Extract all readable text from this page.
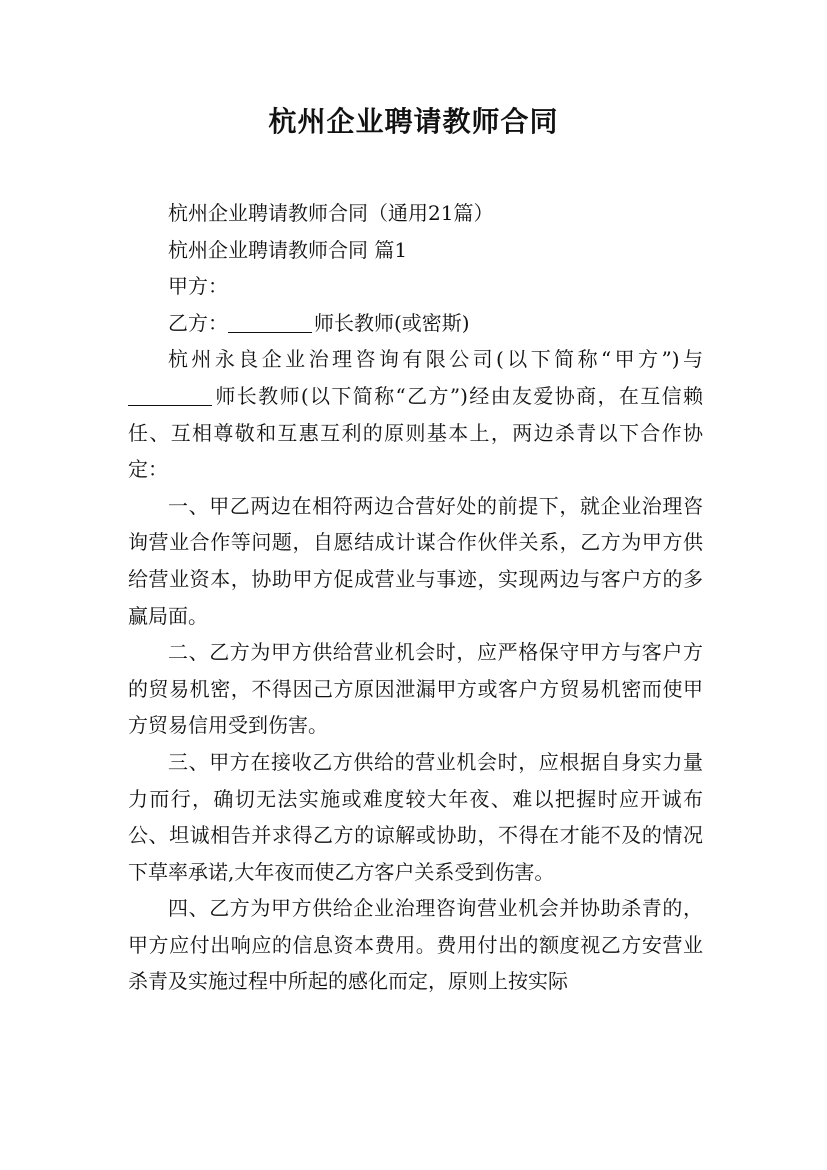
杭州企业聘请教师合同

杭州企业聘请教师合同（通用21篇）

杭州企业聘请教师合同 篇1

甲方：

乙方：	师长教师(或密斯)

杭州永良企业治理咨询有限公司(以下简称“甲方”)与师长教师(以下简称“乙方”)经由友爱协商，在互信赖任、互相尊敬和互惠互利的原则基本上，两边杀青以下合作协定：

一、甲乙两边在相符两边合营好处的前提下，就企业治理咨询营业合作等问题，自愿结成计谋合作伙伴关系，乙方为甲方供给营业资本，协助甲方促成营业与事迹，实现两边与客户方的多赢局面。

二、乙方为甲方供给营业机会时，应严格保守甲方与客户方的贸易机密，不得因己方原因泄漏甲方或客户方贸易机密而使甲方贸易信用受到伤害。

三、甲方在接收乙方供给的营业机会时，应根据自身实力量力而行，确切无法实施或难度较大年夜、难以把握时应开诚布公、坦诚相告并求得乙方的谅解或协助，不得在才能不及的情况下草率承诺,大年夜而使乙方客户关系受到伤害。

四、乙方为甲方供给企业治理咨询营业机会并协助杀青的，甲方应付出响应的信息资本费用。费用付出的额度视乙方安营业杀青及实施过程中所起的感化而定，原则上按实际
